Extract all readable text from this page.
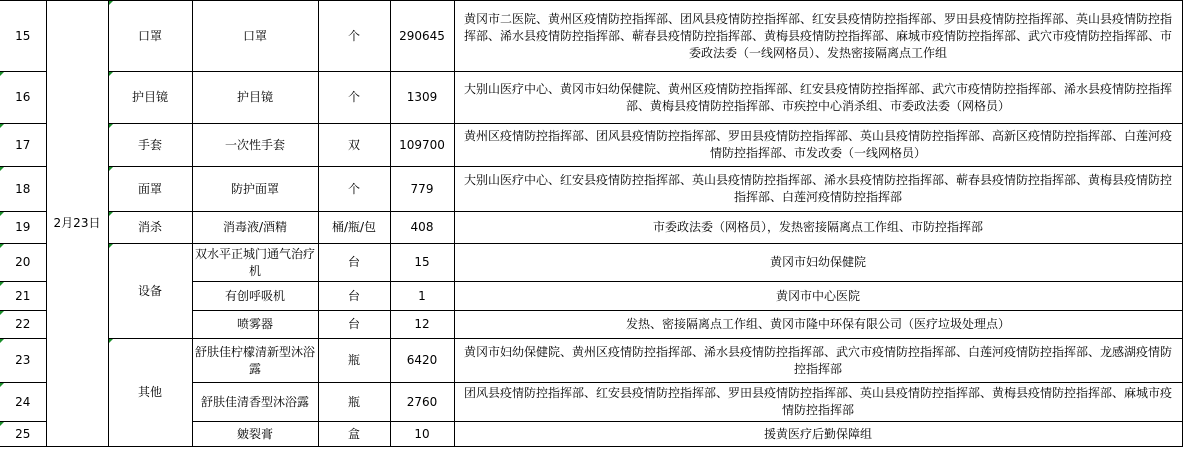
15	2月23日	口罩	口罩	个	290645	黄冈市二医院、黄州区疫情防控指挥部、团风县疫情防控指挥部、红安县疫情防控指挥部、罗田县疫情防控指挥部、英山县疫情防控指挥部、浠水县疫情防控指挥部、蕲春县疫情防控指挥部、黄梅县疫情防控指挥部、麻城市疫情防控指挥部、武穴市疫情防控指挥部、市委政法委（一线网格员）、发热密接隔离点工作组
16		护目镜	护目镜	个	1309	大别山医疗中心、黄冈市妇幼保健院、黄州区疫情防控指挥部、红安县疫情防控指挥部、武穴市疫情防控指挥部、浠水县疫情防控指挥部、黄梅县疫情防控指挥部、市疾控中心消杀组、市委政法委（网格员）
17		手套	一次性手套	双	109700	黄州区疫情防控指挥部、团风县疫情防控指挥部、罗田县疫情防控指挥部、英山县疫情防控指挥部、高新区疫情防控指挥部、白莲河疫情防控指挥部、市发改委（一线网格员）
18		面罩	防护面罩	个	779	大别山医疗中心、红安县疫情防控指挥部、英山县疫情防控指挥部、浠水县疫情防控指挥部、蕲春县疫情防控指挥部、黄梅县疫情防控指挥部、白莲河疫情防控指挥部
19		消杀	消毒液/酒精	桶/瓶/包	408	市委政法委（网格员），发热密接隔离点工作组、市防控指挥部
20		设备	双水平正城门通气治疗机	台	15	黄冈市妇幼保健院
21			有创呼吸机	台	1	黄冈市中心医院
22			喷雾器	台	12	发热、密接隔离点工作组、黄冈市隆中环保有限公司（医疗垃圾处理点）
23		其他	舒肤佳柠檬清新型沐浴露	瓶	6420	黄冈市妇幼保健院、黄州区疫情防控指挥部、浠水县疫情防控指挥部、武穴市疫情防控指挥部、白莲河疫情防控指挥部、龙感湖疫情防控指挥部
24			舒肤佳清香型沐浴露	瓶	2760	团风县疫情防控指挥部、红安县疫情防控指挥部、罗田县疫情防控指挥部、英山县疫情防控指挥部、黄梅县疫情防控指挥部、麻城市疫情防控指挥部
25			皴裂膏	盒	10	援黄医疗后勤保障组
